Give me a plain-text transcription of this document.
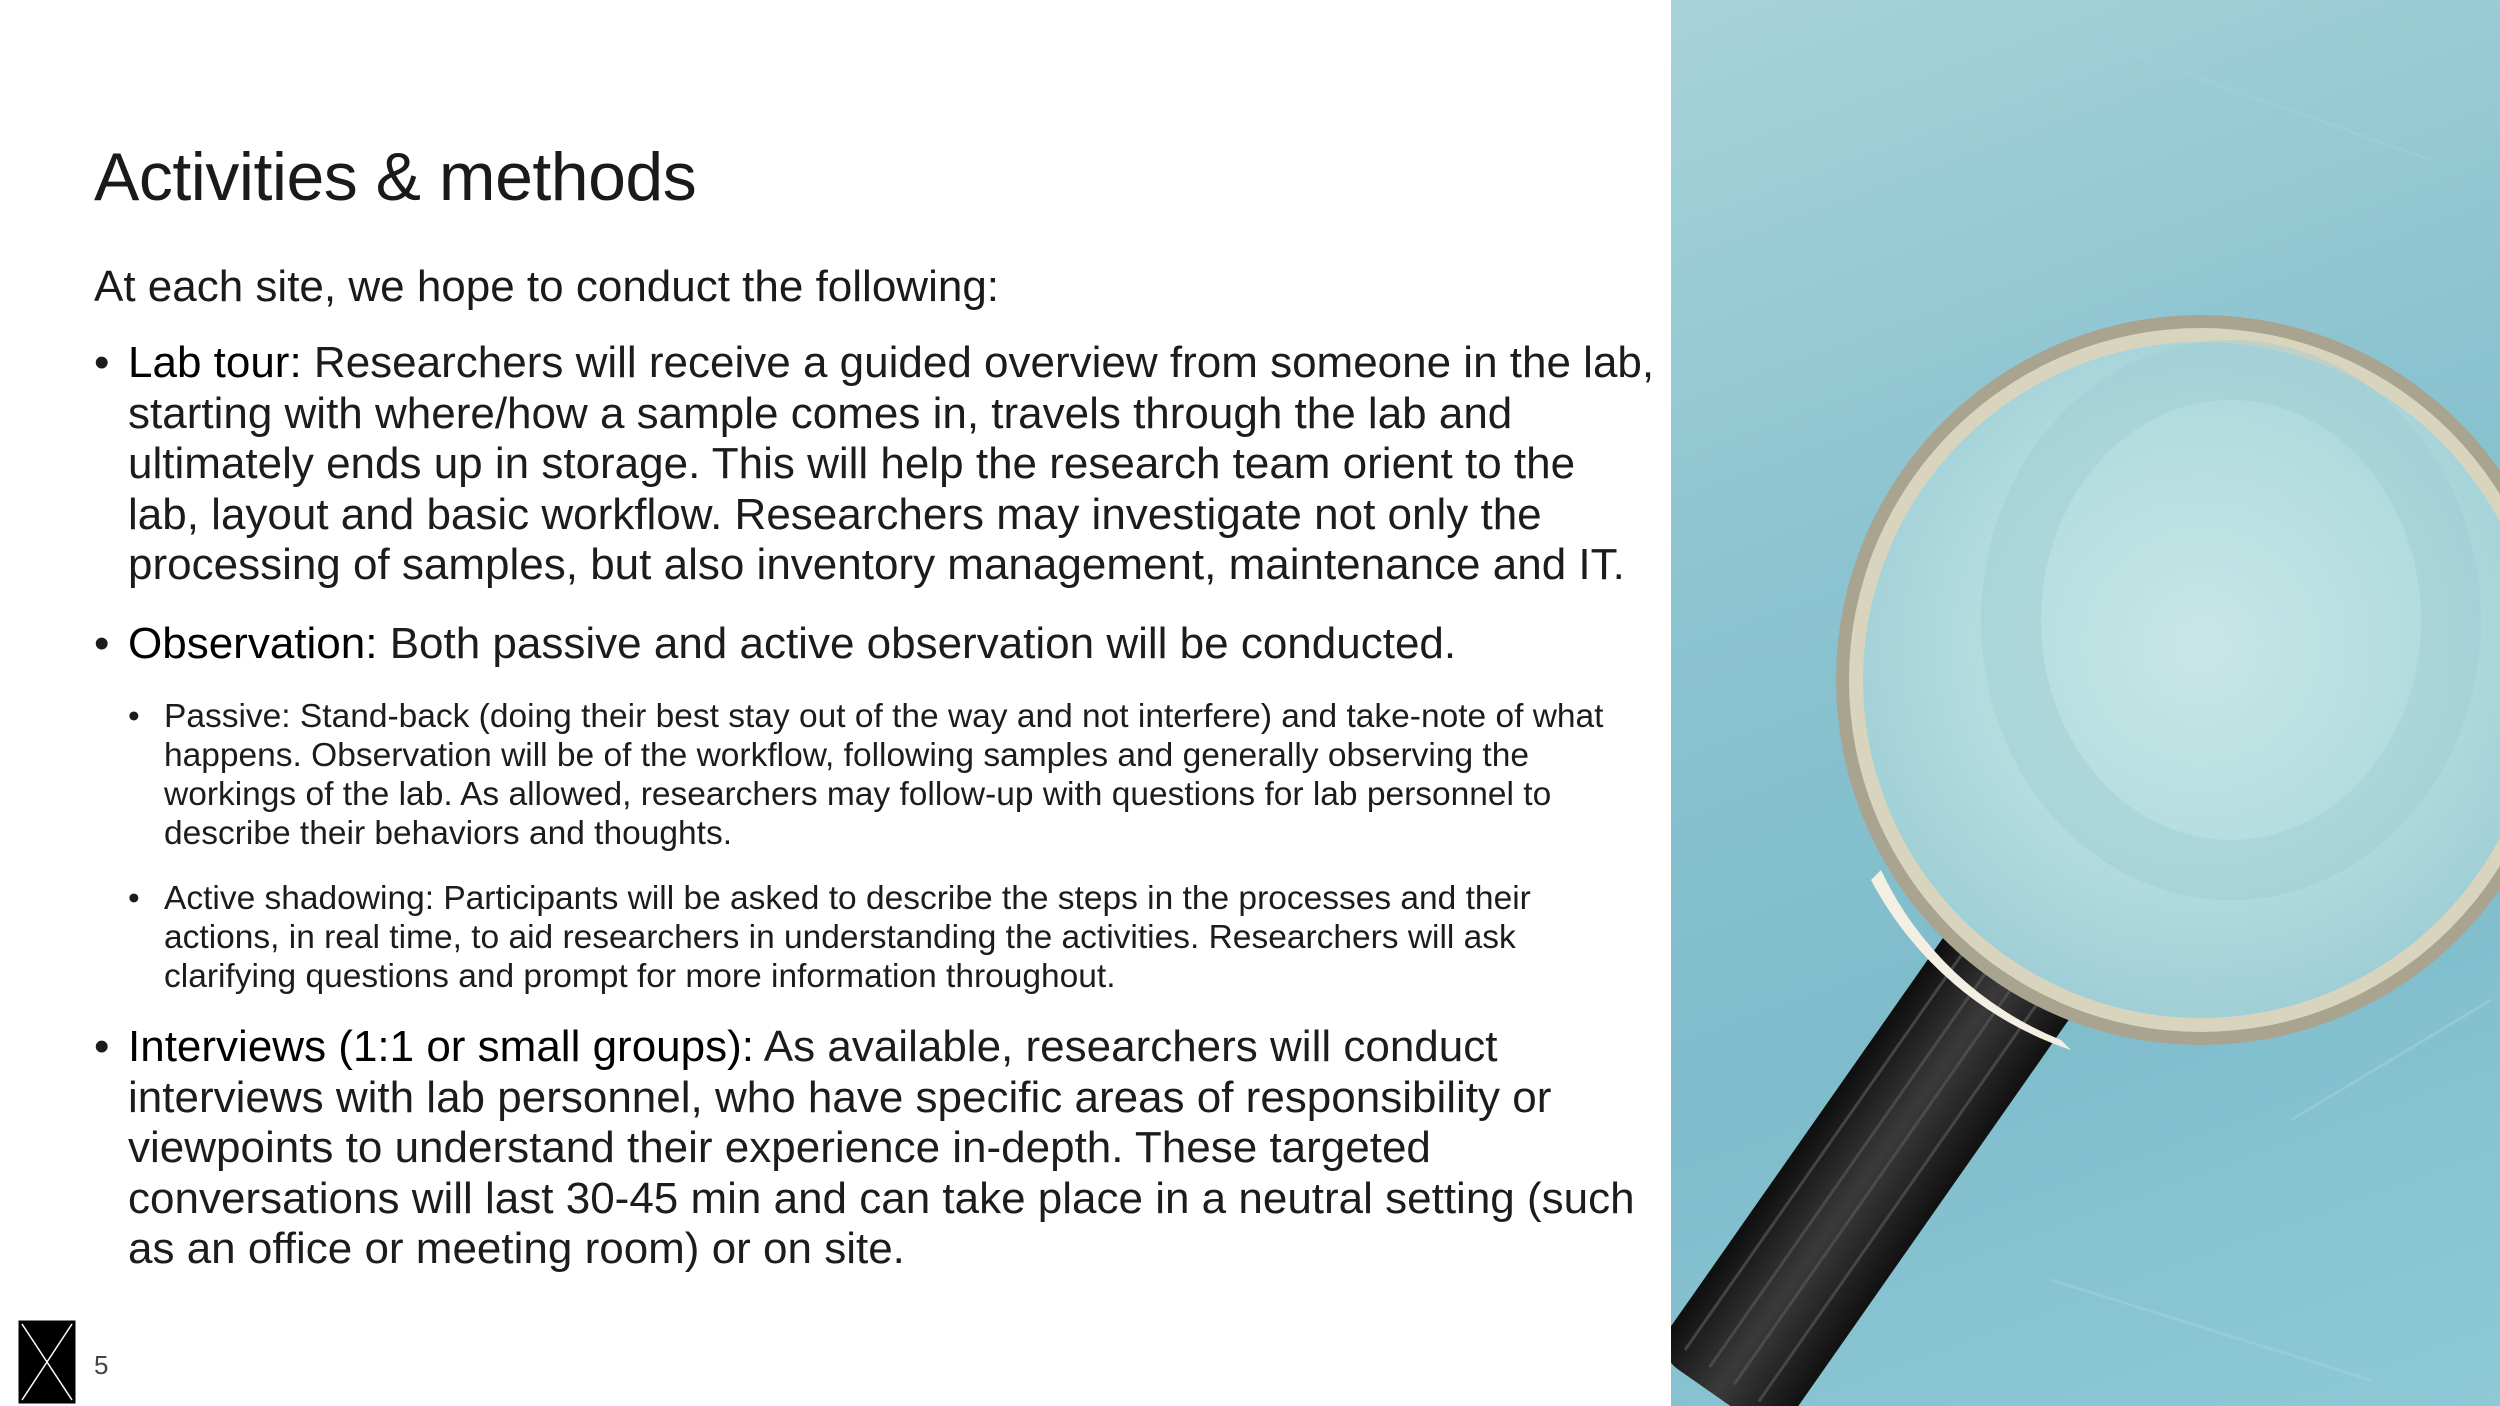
Activities & methods
At each site, we hope to conduct the following:
• Lab tour: Researchers will receive a guided overview from someone in the lab, starting with where/how a sample comes in, travels through the lab and ultimately ends up in storage. This will help the research team orient to the lab, layout and basic workflow. Researchers may investigate not only the processing of samples, but also inventory management, maintenance and IT.
• Observation: Both passive and active observation will be conducted.
• Passive: Stand-back (doing their best stay out of the way and not interfere) and take-note of what happens. Observation will be of the workflow, following samples and generally observing the workings of the lab. As allowed, researchers may follow-up with questions for lab personnel to describe their behaviors and thoughts.
• Active shadowing: Participants will be asked to describe the steps in the processes and their actions, in real time, to aid researchers in understanding the activities. Researchers will ask clarifying questions and prompt for more information throughout.
• Interviews (1:1 or small groups): As available, researchers will conduct interviews with lab personnel, who have specific areas of responsibility or viewpoints to understand their experience in-depth. These targeted conversations will last 30-45 min and can take place in a neutral setting (such as an office or meeting room) or on site.
5
